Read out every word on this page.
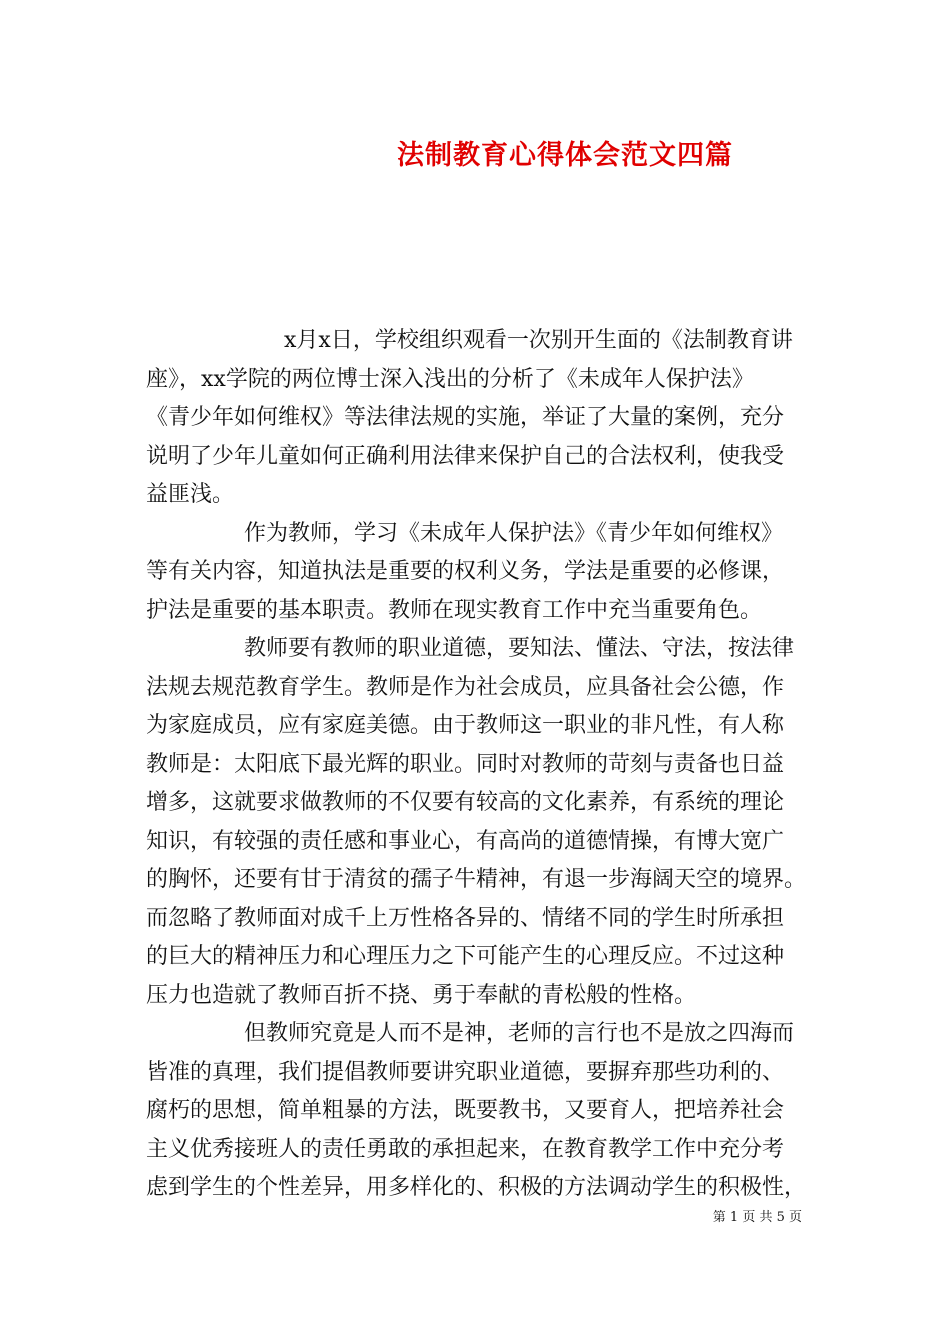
法制教育心得体会范文四篇
x月x日，学校组织观看一次别开生面的《法制教育讲
座》，xx学院的两位博士深入浅出的分析了《未成年人保护法》
《青少年如何维权》等法律法规的实施，举证了大量的案例，充分
说明了少年儿童如何正确利用法律来保护自己的合法权利，使我受
益匪浅。
作为教师，学习《未成年人保护法》《青少年如何维权》
等有关内容，知道执法是重要的权利义务，学法是重要的必修课，
护法是重要的基本职责。教师在现实教育工作中充当重要角色。
教师要有教师的职业道德，要知法、懂法、守法，按法律
法规去规范教育学生。教师是作为社会成员，应具备社会公德，作
为家庭成员，应有家庭美德。由于教师这一职业的非凡性，有人称
教师是：太阳底下最光辉的职业。同时对教师的苛刻与责备也日益
增多，这就要求做教师的不仅要有较高的文化素养，有系统的理论
知识，有较强的责任感和事业心，有高尚的道德情操，有博大宽广
的胸怀，还要有甘于清贫的孺子牛精神，有退一步海阔天空的境界。
而忽略了教师面对成千上万性格各异的、情绪不同的学生时所承担
的巨大的精神压力和心理压力之下可能产生的心理反应。不过这种
压力也造就了教师百折不挠、勇于奉献的青松般的性格。
但教师究竟是人而不是神，老师的言行也不是放之四海而
皆准的真理，我们提倡教师要讲究职业道德，要摒弃那些功利的、
腐朽的思想，简单粗暴的方法，既要教书，又要育人，把培养社会
主义优秀接班人的责任勇敢的承担起来，在教育教学工作中充分考
虑到学生的个性差异，用多样化的、积极的方法调动学生的积极性，
第 1 页 共 5 页
